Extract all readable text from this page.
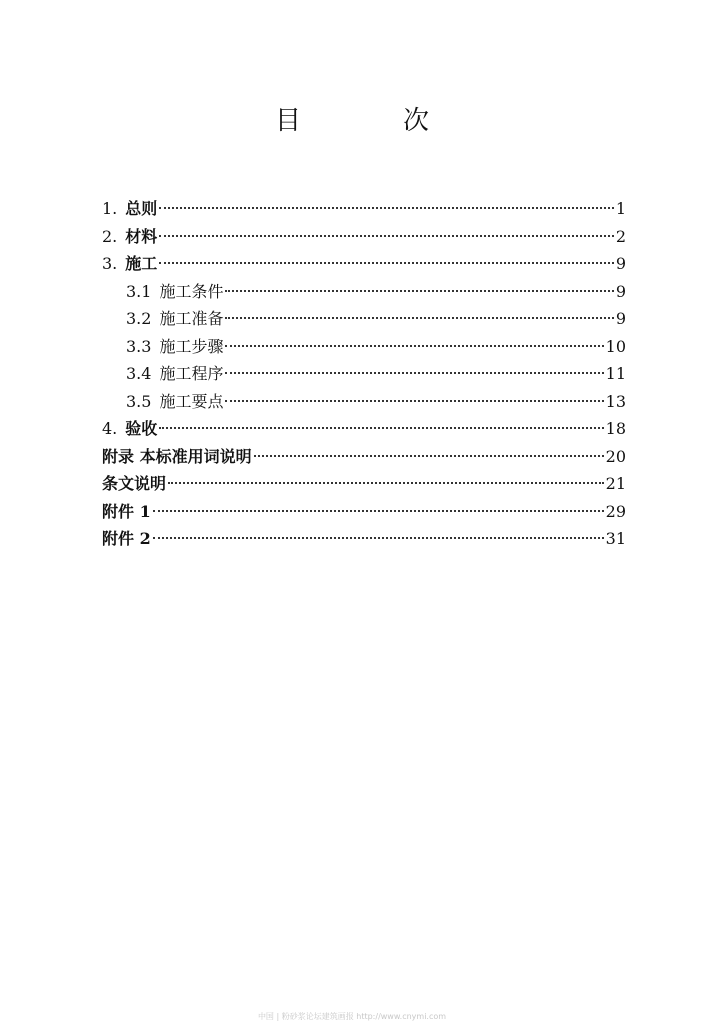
目　次
1. 总则	1
2. 材料	2
3. 施工	9
3.1 施工条件	9
3.2 施工准备	9
3.3 施工步骤	10
3.4 施工程序	11
3.5 施工要点	13
4. 验收	18
附录 本标准用词说明	20
条文说明	21
附件 1	29
附件 2	31
中国 | 粉砂浆论坛建筑画报 http://www.cnymi.com
